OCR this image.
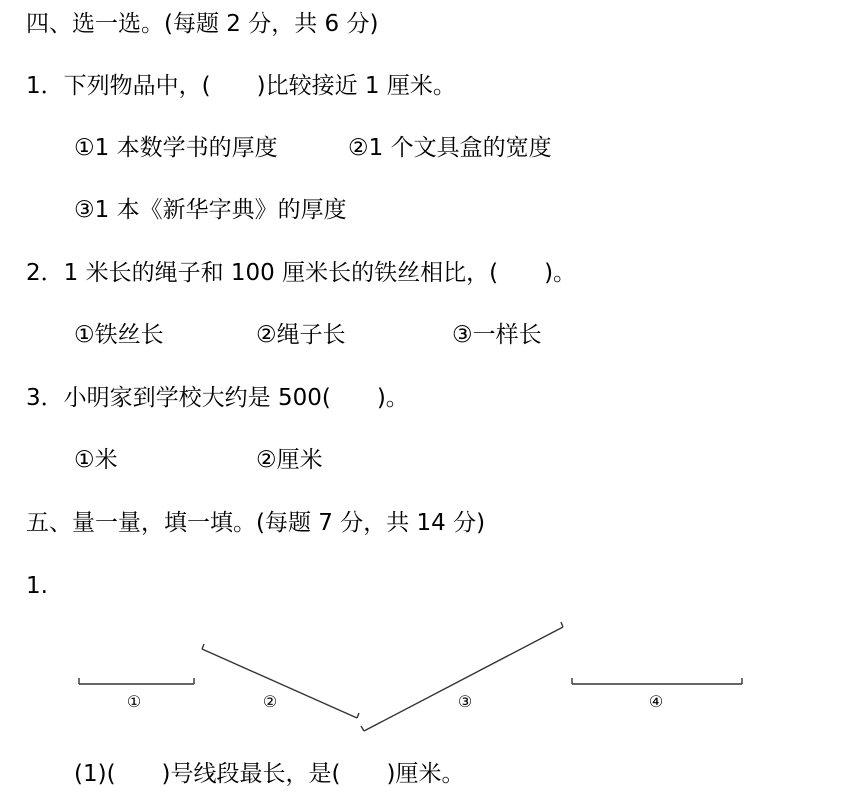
四、选一选。(每题 2 分，共 6 分)
1．下列物品中，(　　)比较接近 1 厘米。
①1 本数学书的厚度	②1 个文具盒的宽度
③1 本《新华字典》的厚度
2．1 米长的绳子和 100 厘米长的铁丝相比，(　　)。
①铁丝长	②绳子长	③一样长
3．小明家到学校大约是 500(　　)。
①米	②厘米
五、量一量，填一填。(每题 7 分，共 14 分)
1.
①	②	③	④
(1)(　　)号线段最长，是(　　)厘米。
